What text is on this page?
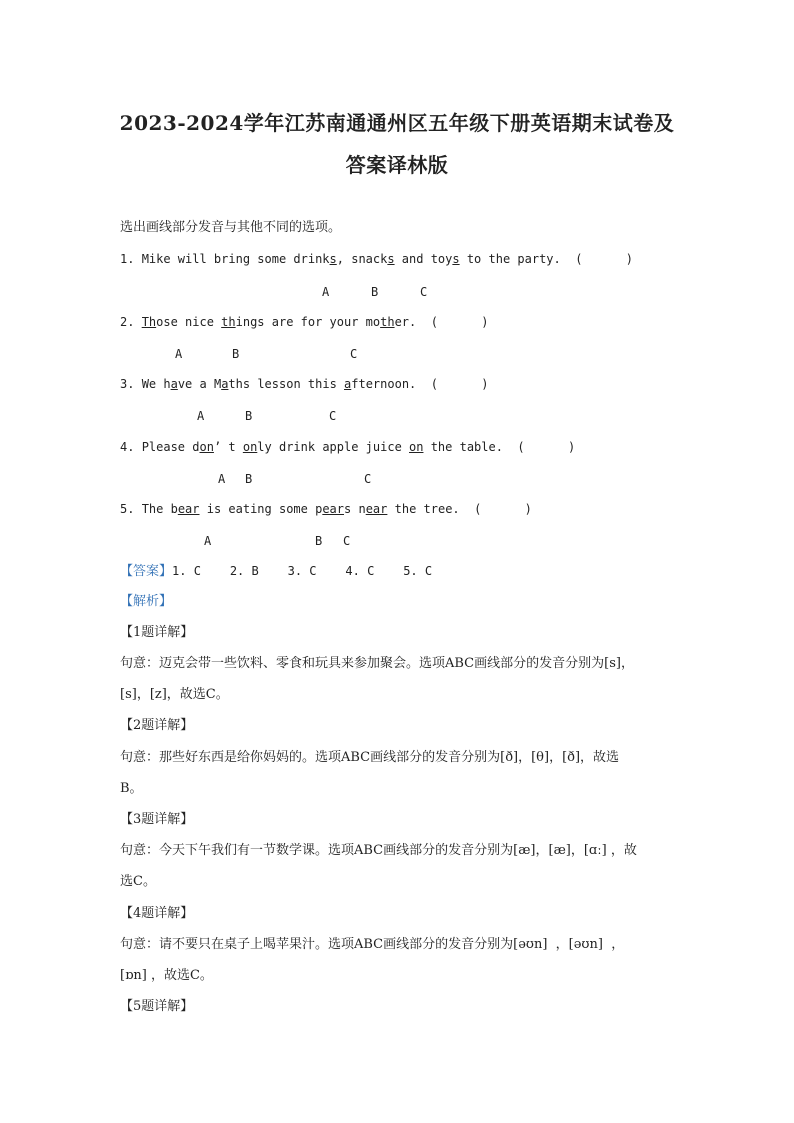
2023-2024学年江苏南通通州区五年级下册英语期末试卷及
答案译林版
选出画线部分发音与其他不同的选项。
1. Mike will bring some drinks, snacks and toys to the party.  (      )
A	B	C
2. Those nice things are for your mother.  (      )
A	B	C
3. We have a Maths lesson this afternoon.  (      )
A	B	C
4. Please don’ t only drink apple juice on the table.  (      )
A B	C
5. The bear is eating some pears near the tree.  (      )
A	B C
【答案】1. C    2. B    3. C    4. C    5. C
【解析】
【1题详解】
句意：迈克会带一些饮料、零食和玩具来参加聚会。选项ABC画线部分的发音分别为[s]，
[s]，[z]，故选C。
【2题详解】
句意：那些好东西是给你妈妈的。选项ABC画线部分的发音分别为[ð]，[θ]，[ð]，故选
B。
【3题详解】
句意：今天下午我们有一节数学课。选项ABC画线部分的发音分别为[æ]，[æ]，[ɑː] ，故
选C。
【4题详解】
句意：请不要只在桌子上喝苹果汁。选项ABC画线部分的发音分别为[əʊn]  ，[əʊn]  ，
[ɒn] ，故选C。
【5题详解】
